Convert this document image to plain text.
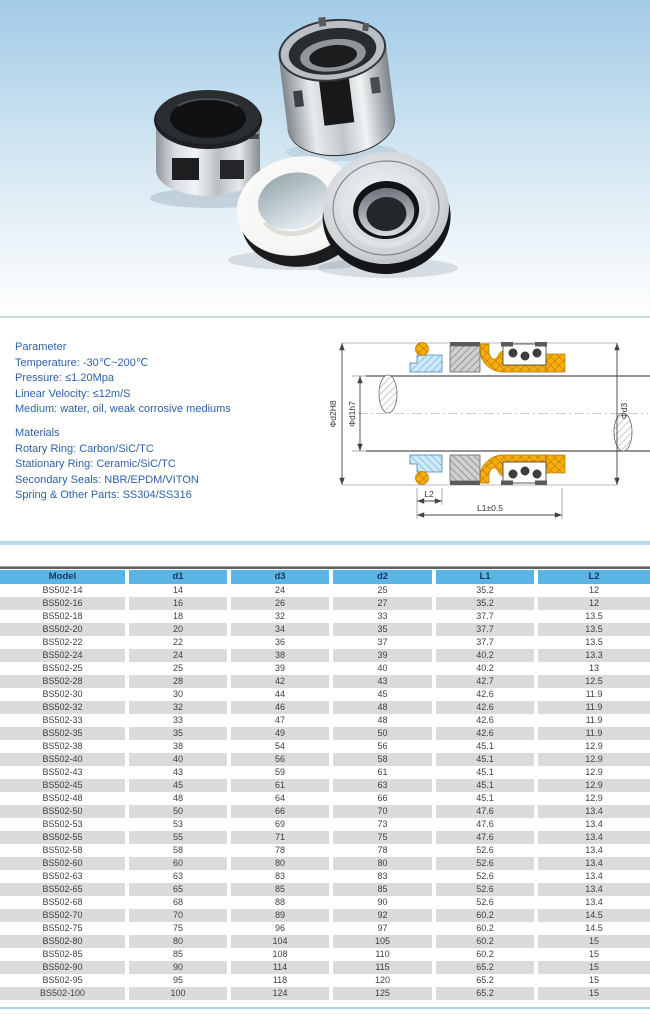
Parameter
Temperature: -30℃~200℃
Pressure: ≤1.20Mpa
Linear Velocity: ≤12m/S
Medium: water, oil, weak corrosive mediums
Materials
Rotary Ring: Carbon/SiC/TC
Stationary Ring: Ceramic/SiC/TC
Secondary Seals: NBR/EPDM/VITON
Spring & Other Parts: SS304/SS316
Φd2H8 Φd1h7	Φd3
L2
L1±0.5
Model	d1	d3	d2	L1	L2
BS502-14	14	24	25	35.2	12
BS502-16	16	26	27	35.2	12
BS502-18	18	32	33	37.7	13.5
BS502-20	20	34	35	37.7	13.5
BS502-22	22	36	37	37.7	13.5
BS502-24	24	38	39	40.2	13.3
BS502-25	25	39	40	40.2	13
BS502-28	28	42	43	42.7	12.5
BS502-30	30	44	45	42.6	11.9
BS502-32	32	46	48	42.6	11.9
BS502-33	33	47	48	42.6	11.9
BS502-35	35	49	50	42.6	11.9
BS502-38	38	54	56	45.1	12.9
BS502-40	40	56	58	45.1	12.9
BS502-43	43	59	61	45.1	12.9
BS502-45	45	61	63	45.1	12.9
BS502-48	48	64	66	45.1	12.9
BS502-50	50	66	70	47.6	13.4
BS502-53	53	69	73	47.6	13.4
BS502-55	55	71	75	47.6	13.4
BS502-58	58	78	78	52.6	13.4
BS502-60	60	80	80	52.6	13.4
BS502-63	63	83	83	52.6	13.4
BS502-65	65	85	85	52.6	13.4
BS502-68	68	88	90	52.6	13.4
BS502-70	70	89	92	60.2	14.5
BS502-75	75	96	97	60.2	14.5
BS502-80	80	104	105	60.2	15
BS502-85	85	108	110	60.2	15
BS502-90	90	114	115	65.2	15
BS502-95	95	118	120	65.2	15
BS502-100	100	124	125	65.2	15
